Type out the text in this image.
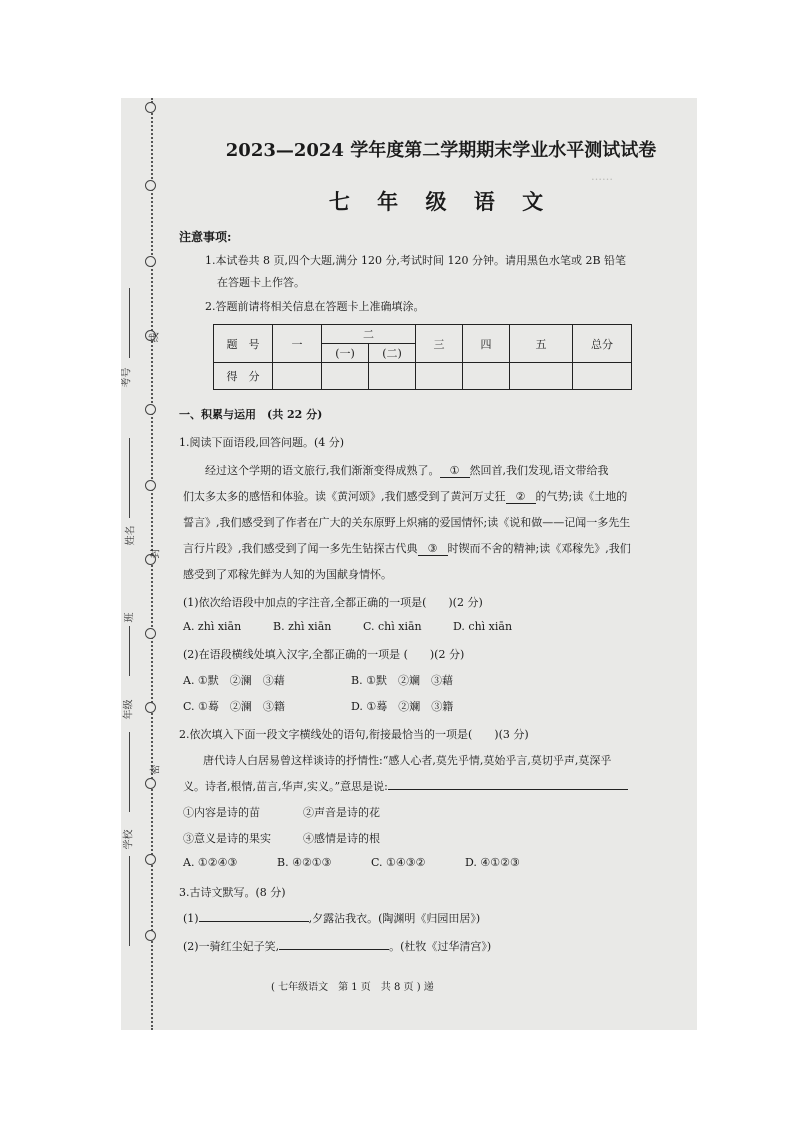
线
封
密
考号
姓名
班
年级
学校
……
2023—2024 学年度第二学期期末学业水平测试试卷
七 年 级 语 文
注意事项:
1.本试卷共 8 页,四个大题,满分 120 分,考试时间 120 分钟。请用黑色水笔或 2B 铅笔
在答题卡上作答。
2.答题前请将相关信息在答题卡上准确填涂。
题　号	一	二		三	四	五	总分
		(一)	(二)				
得　分							
一、积累与运用　(共 22 分)
1.阅读下面语段,回答问题。(4 分)
经过这个学期的语文旅行,我们渐渐变得成熟了。 ① 然回首,我们发现,语文带给我
们太多太多的感悟和体验。读《黄河颂》,我们感受到了黄河万丈狂 ② 的气势;读《土地的
誓言》,我们感受到了作者在广大的关东原野上炽痛的爱国情怀;读《说和做——记闻一多先生
言行片段》,我们感受到了闻一多先生钻探古代典 ③ 时锲而不舍的精神;读《邓稼先》,我们
感受到了邓稼先鲜为人知的为国献身情怀。
(1)依次给语段中加点的字注音,全都正确的一项是(　　)(2 分)
A. zhì xiān	B. zhì xiān	C. chì xiān	D. chì xiān
(2)在语段横线处填入汉字,全都正确的一项是 (　　)(2 分)
A. ①默　②澜　③藉	B. ①默　②斓　③藉
C. ①蓦　②澜　③籍	D. ①蓦　②斓　③籍
2.依次填入下面一段文字横线处的语句,衔接最恰当的一项是(　　)(3 分)
唐代诗人白居易曾这样谈诗的抒情性:“感人心者,莫先乎情,莫始乎言,莫切乎声,莫深乎
义。诗者,根情,苗言,华声,实义。”意思是说:
①内容是诗的苗	②声音是诗的花
③意义是诗的果实	④感情是诗的根
A. ①②④③	B. ④②①③	C. ①④③②	D. ④①②③
3.古诗文默写。(8 分)
(1)	,夕露沾我衣。(陶渊明《归园田居》)
(2)一骑红尘妃子笑,	。(杜牧《过华清宫》)
( 七年级语文　第 1 页　共 8 页 ) 递
